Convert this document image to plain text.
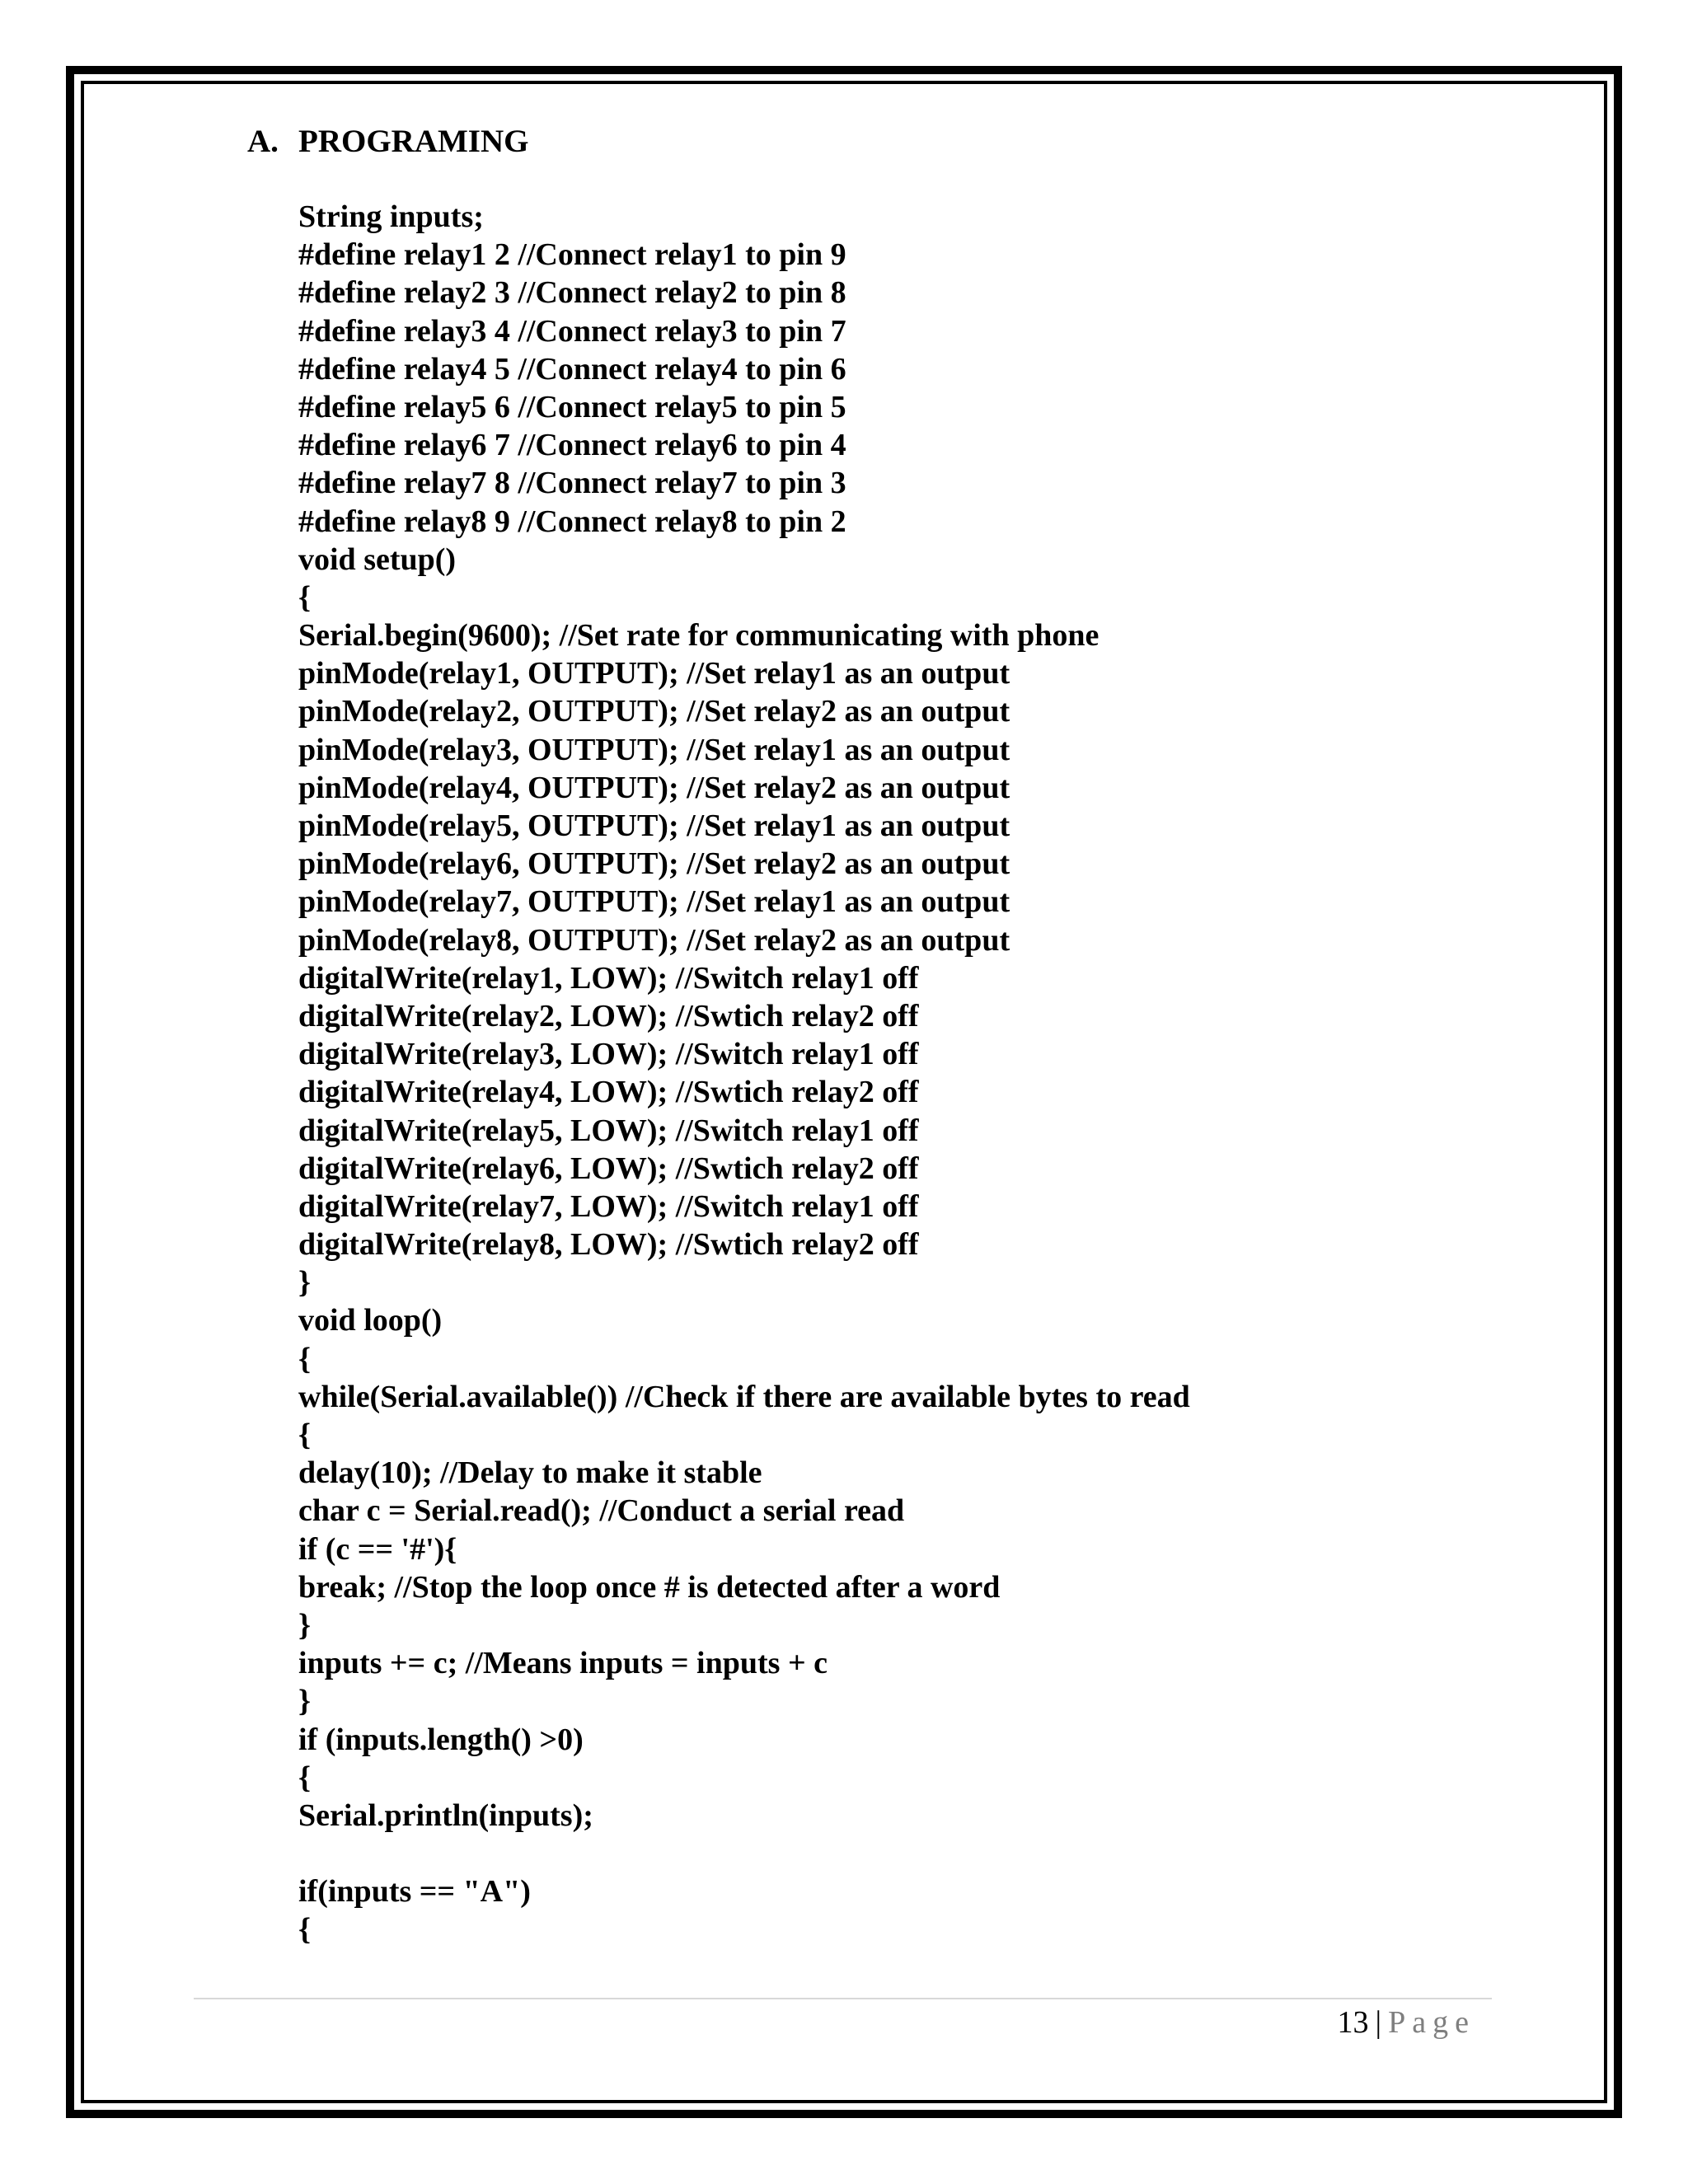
A. PROGRAMING
String inputs;
#define relay1 2 //Connect relay1 to pin 9
#define relay2 3 //Connect relay2 to pin 8
#define relay3 4 //Connect relay3 to pin 7
#define relay4 5 //Connect relay4 to pin 6
#define relay5 6 //Connect relay5 to pin 5
#define relay6 7 //Connect relay6 to pin 4
#define relay7 8 //Connect relay7 to pin 3
#define relay8 9 //Connect relay8 to pin 2
void setup()
{
Serial.begin(9600); //Set rate for communicating with phone
pinMode(relay1, OUTPUT); //Set relay1 as an output
pinMode(relay2, OUTPUT); //Set relay2 as an output
pinMode(relay3, OUTPUT); //Set relay1 as an output
pinMode(relay4, OUTPUT); //Set relay2 as an output
pinMode(relay5, OUTPUT); //Set relay1 as an output
pinMode(relay6, OUTPUT); //Set relay2 as an output
pinMode(relay7, OUTPUT); //Set relay1 as an output
pinMode(relay8, OUTPUT); //Set relay2 as an output
digitalWrite(relay1, LOW); //Switch relay1 off
digitalWrite(relay2, LOW); //Swtich relay2 off
digitalWrite(relay3, LOW); //Switch relay1 off
digitalWrite(relay4, LOW); //Swtich relay2 off
digitalWrite(relay5, LOW); //Switch relay1 off
digitalWrite(relay6, LOW); //Swtich relay2 off
digitalWrite(relay7, LOW); //Switch relay1 off
digitalWrite(relay8, LOW); //Swtich relay2 off
}
void loop()
{
while(Serial.available()) //Check if there are available bytes to read
{
delay(10); //Delay to make it stable
char c = Serial.read(); //Conduct a serial read
if (c == '#'){
break; //Stop the loop once # is detected after a word
}
inputs += c; //Means inputs = inputs + c
}
if (inputs.length() >0)
{
Serial.println(inputs);
if(inputs == "A")
{
13 | Page
